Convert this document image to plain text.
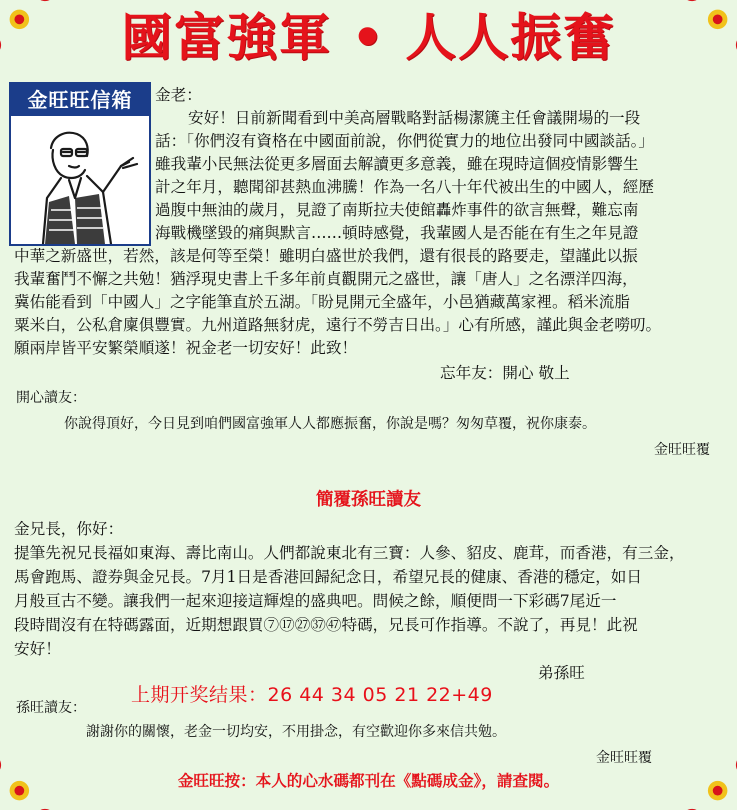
國富強軍 • 人人振奮
金旺旺信箱	金老：
安好！日前新聞看到中美高層戰略對話楊潔篪主任會議開場的一段
話：「你們沒有資格在中國面前說，你們從實力的地位出發同中國談話。」
雖我輩小民無法從更多層面去解讀更多意義，雖在現時這個疫情影響生
計之年月，聽聞卻甚熱血沸騰！作為一名八十年代被出生的中國人，經歷
過腹中無油的歲月，見證了南斯拉夫使館轟炸事件的欲言無聲，難忘南
海戰機墜毀的痛與默言……頓時感覺，我輩國人是否能在有生之年見證
中華之新盛世，若然，該是何等至榮！雖明白盛世於我們，還有很長的路要走，望謹此以振
我輩奮鬥不懈之共勉！猶浮現史書上千多年前貞觀開元之盛世，讓「唐人」之名漂洋四海，
冀佑能看到「中國人」之字能筆直於五湖。「盼見開元全盛年，小邑猶藏萬家裡。稻米流脂
粟米白，公私倉廩俱豐實。九州道路無豺虎，遠行不勞吉日出。」心有所感，謹此與金老嘮叨。
願兩岸皆平安繁榮順遂！祝金老一切安好！此致！
忘年友：開心 敬上
開心讀友：
你說得頂好，今日見到咱們國富強軍人人都應振奮，你說是嗎？匆匆草覆，祝你康泰。
金旺旺覆
簡覆孫旺讀友
金兄長，你好：
提筆先祝兄長福如東海、壽比南山。人們都說東北有三寶：人參、貂皮、鹿茸，而香港，有三金，
馬會跑馬、證券與金兄長。7月1日是香港回歸紀念日，希望兄長的健康、香港的穩定，如日
月般亘古不變。讓我們一起來迎接這輝煌的盛典吧。問候之餘，順便問一下彩碼7尾近一
段時間沒有在特碼露面，近期想跟買⑦⑰㉗㊲㊼特碼，兄長可作指導。不說了，再見！此祝
安好！
弟孫旺
上期开奖结果：26 44 34 05 21 22+49
孫旺讀友：
謝謝你的關懷，老金一切均安，不用掛念，有空歡迎你多來信共勉。
金旺旺覆
金旺旺按：本人的心水碼都刊在《點碼成金》，請查閱。
